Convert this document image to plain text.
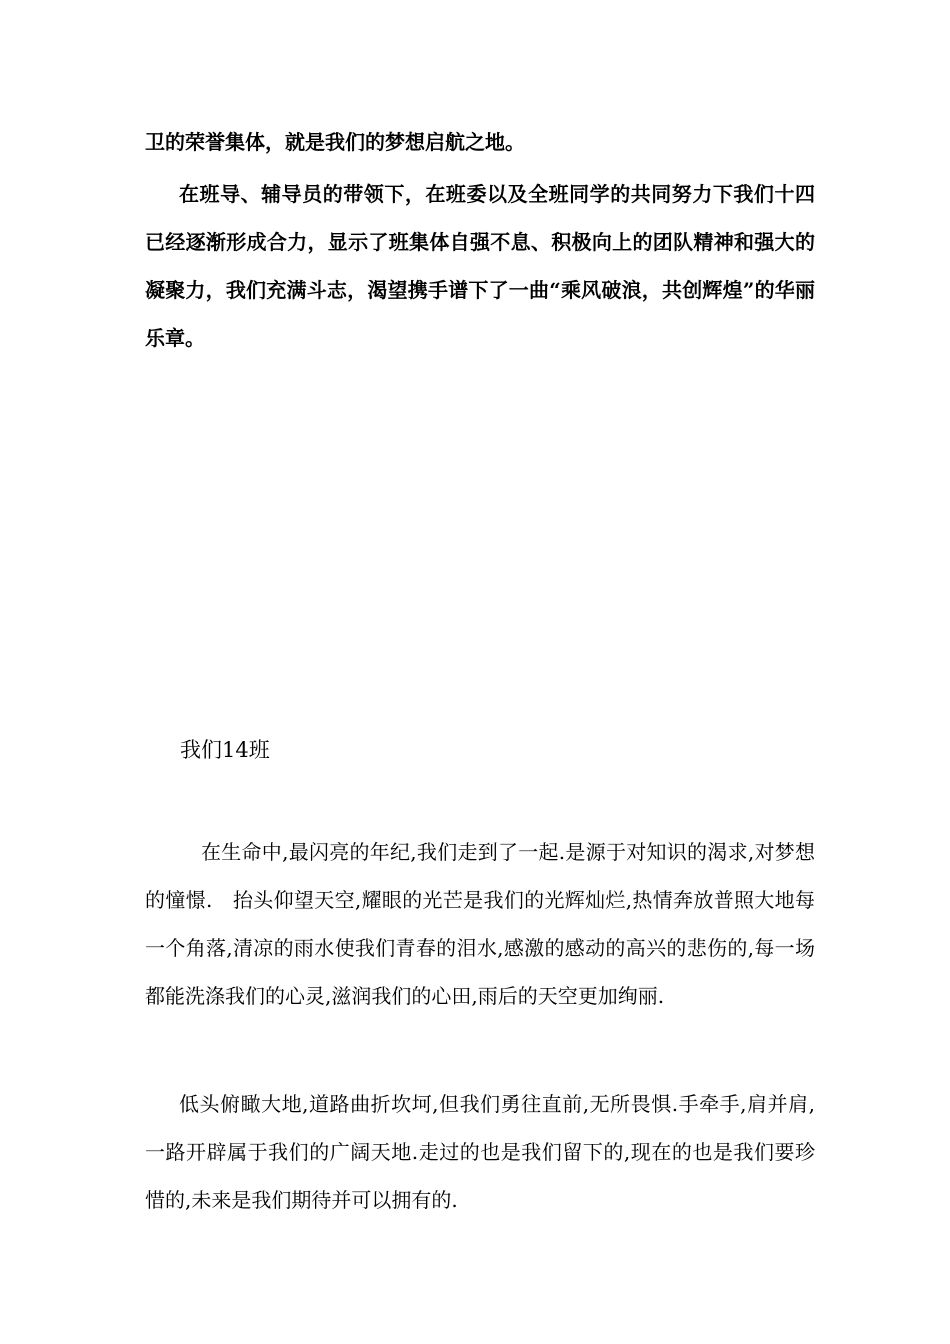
卫的荣誉集体，就是我们的梦想启航之地。

在班导、辅导员的带领下，在班委以及全班同学的共同努力下我们十四已经逐渐形成合力，显示了班集体自强不息、积极向上的团队精神和强大的凝聚力，我们充满斗志，渴望携手谱下了一曲“乘风破浪，共创辉煌”的华丽乐章。

我们14班

在生命中,最闪亮的年纪,我们走到了一起.是源于对知识的渴求,对梦想的憧憬.　抬头仰望天空,耀眼的光芒是我们的光辉灿烂,热情奔放普照大地每一个角落,清凉的雨水使我们青春的泪水,感激的感动的高兴的悲伤的,每一场都能洗涤我们的心灵,滋润我们的心田,雨后的天空更加绚丽.

低头俯瞰大地,道路曲折坎坷,但我们勇往直前,无所畏惧.手牵手,肩并肩,一路开辟属于我们的广阔天地.走过的也是我们留下的,现在的也是我们要珍惜的,未来是我们期待并可以拥有的.
